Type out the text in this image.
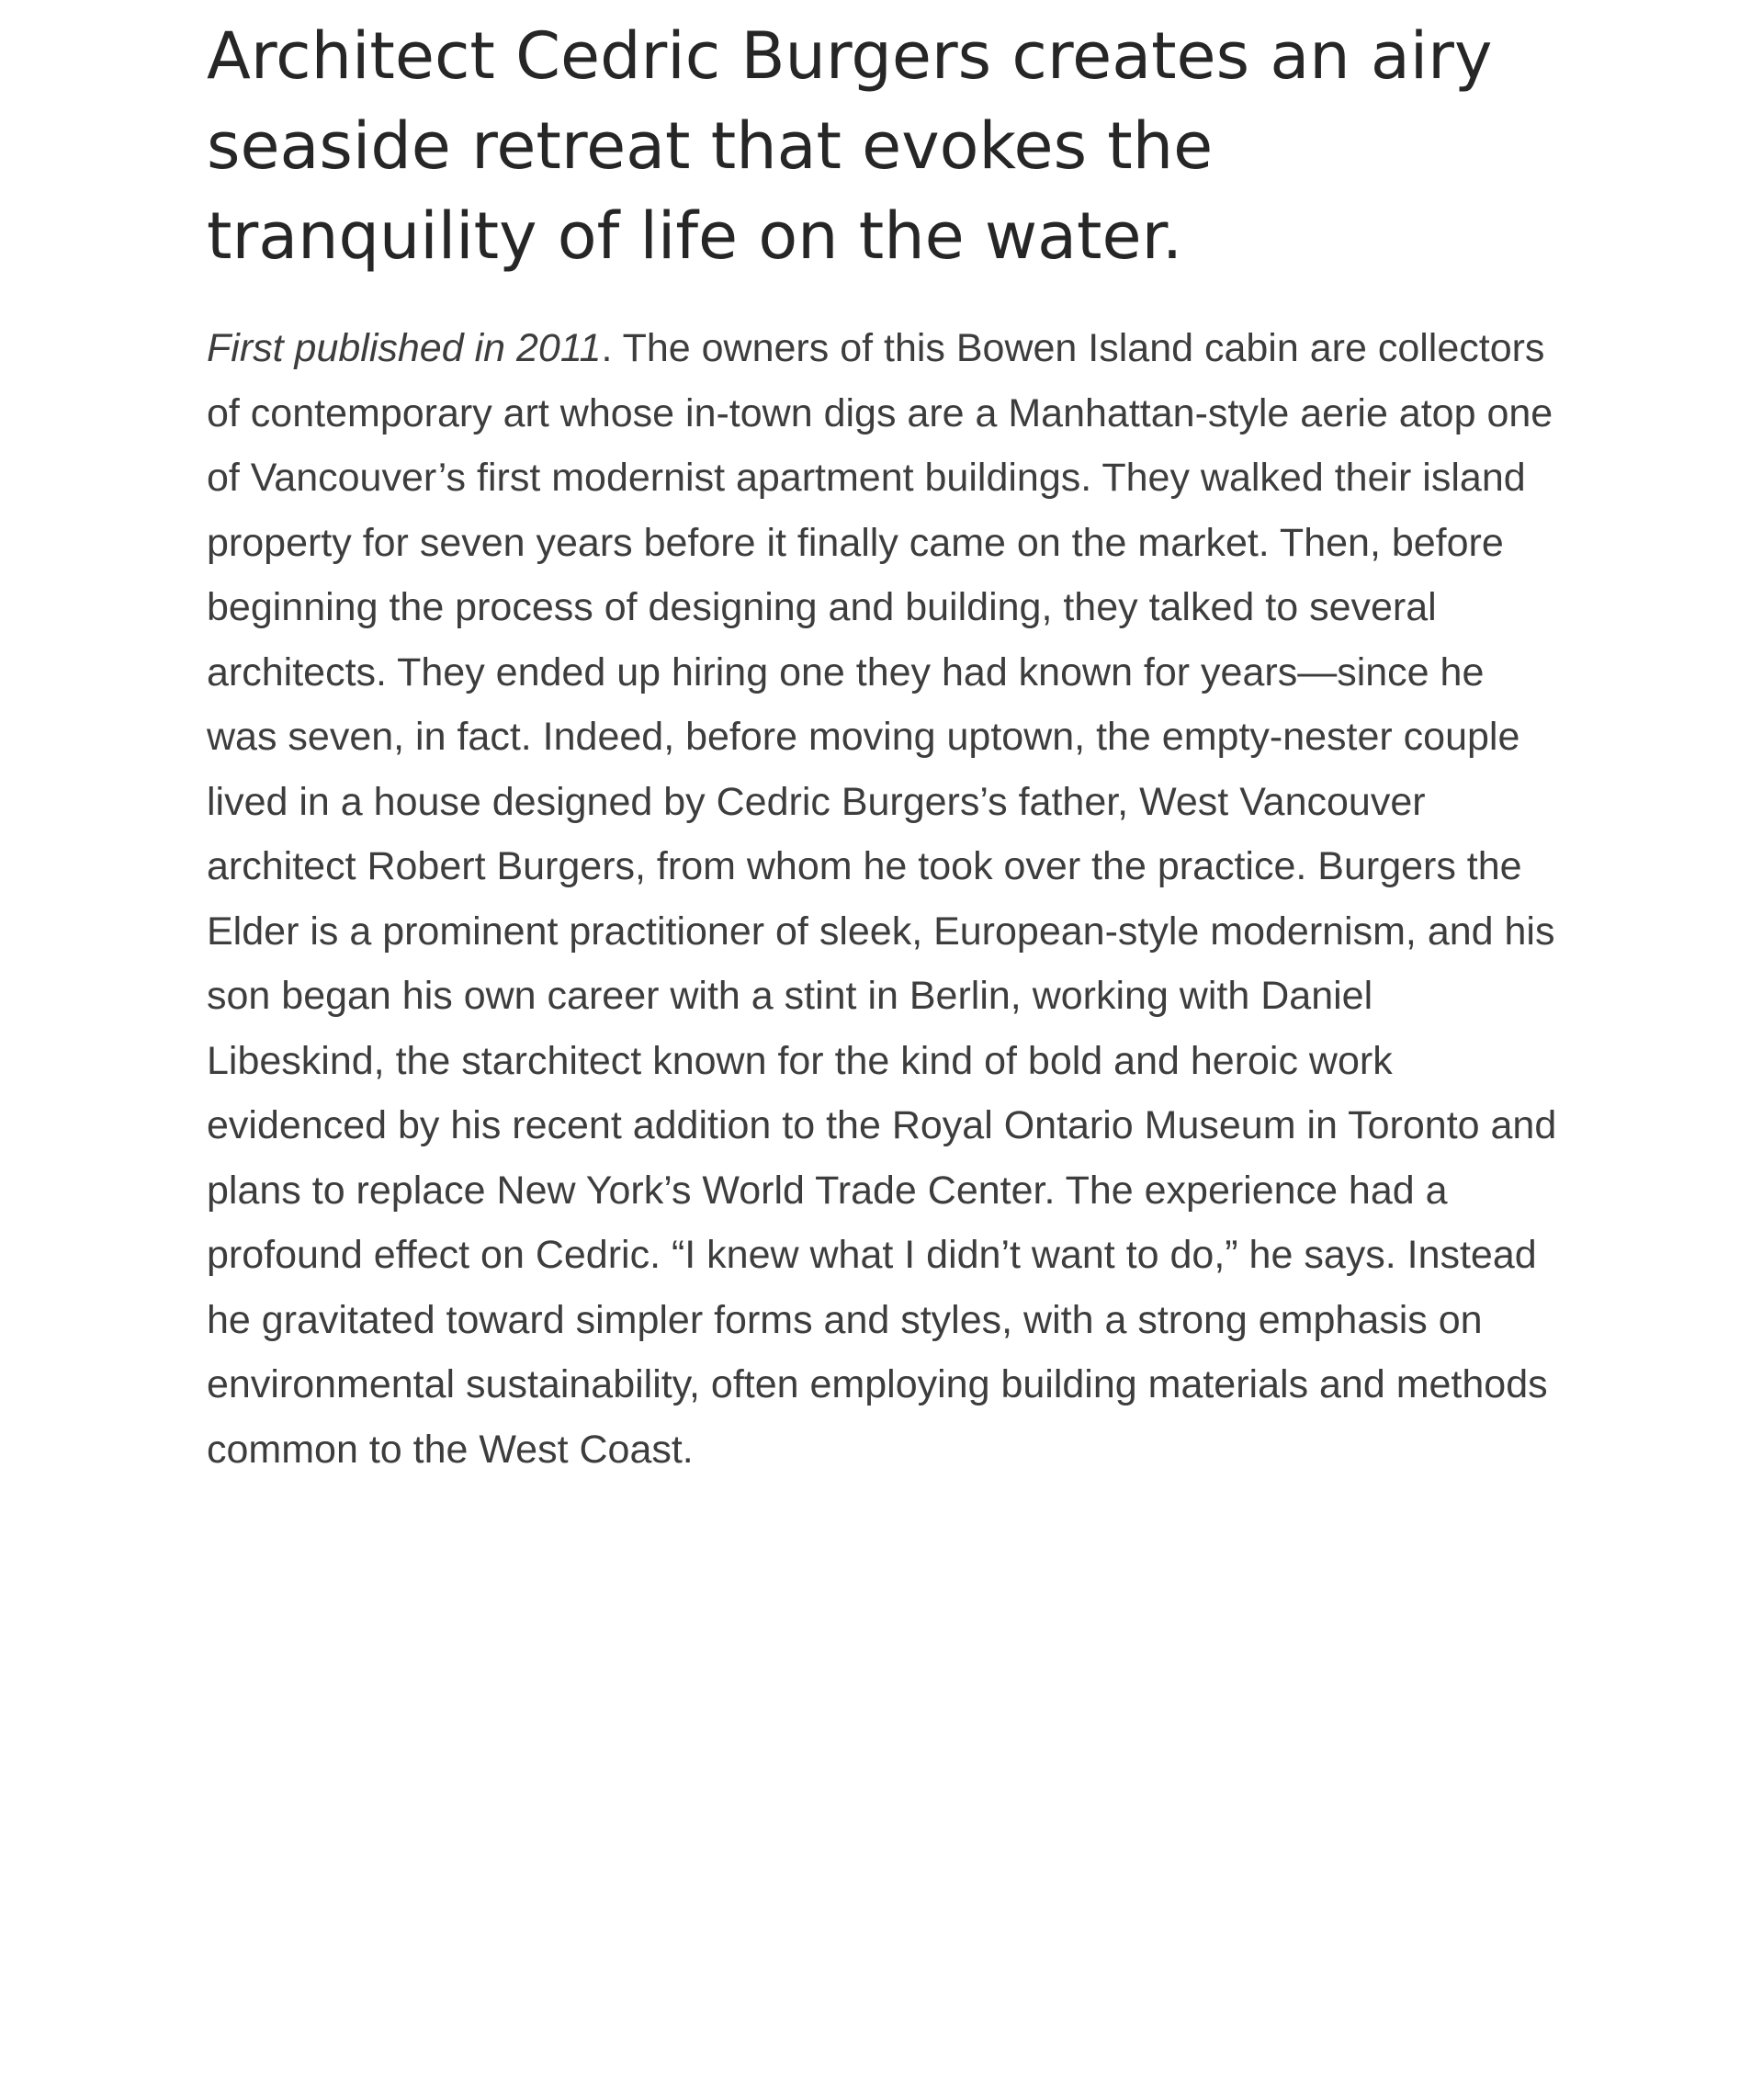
Architect Cedric Burgers creates an airy seaside retreat that evokes the tranquility of life on the water.

First published in 2011. The owners of this Bowen Island cabin are collectors of contemporary art whose in-town digs are a Manhattan-style aerie atop one of Vancouver’s first modernist apartment buildings. They walked their island property for seven years before it finally came on the market. Then, before beginning the process of designing and building, they talked to several architects. They ended up hiring one they had known for years—since he was seven, in fact. Indeed, before moving uptown, the empty-nester couple lived in a house designed by Cedric Burgers’s father, West Vancouver architect Robert Burgers, from whom he took over the practice. Burgers the Elder is a prominent practitioner of sleek, European-style modernism, and his son began his own career with a stint in Berlin, working with Daniel Libeskind, the starchitect known for the kind of bold and heroic work evidenced by his recent addition to the Royal Ontario Museum in Toronto and plans to replace New York’s World Trade Center. The experience had a profound effect on Cedric. “I knew what I didn’t want to do,” he says. Instead he gravitated toward simpler forms and styles, with a strong emphasis on environmental sustainability, often employing building materials and methods common to the West Coast.
